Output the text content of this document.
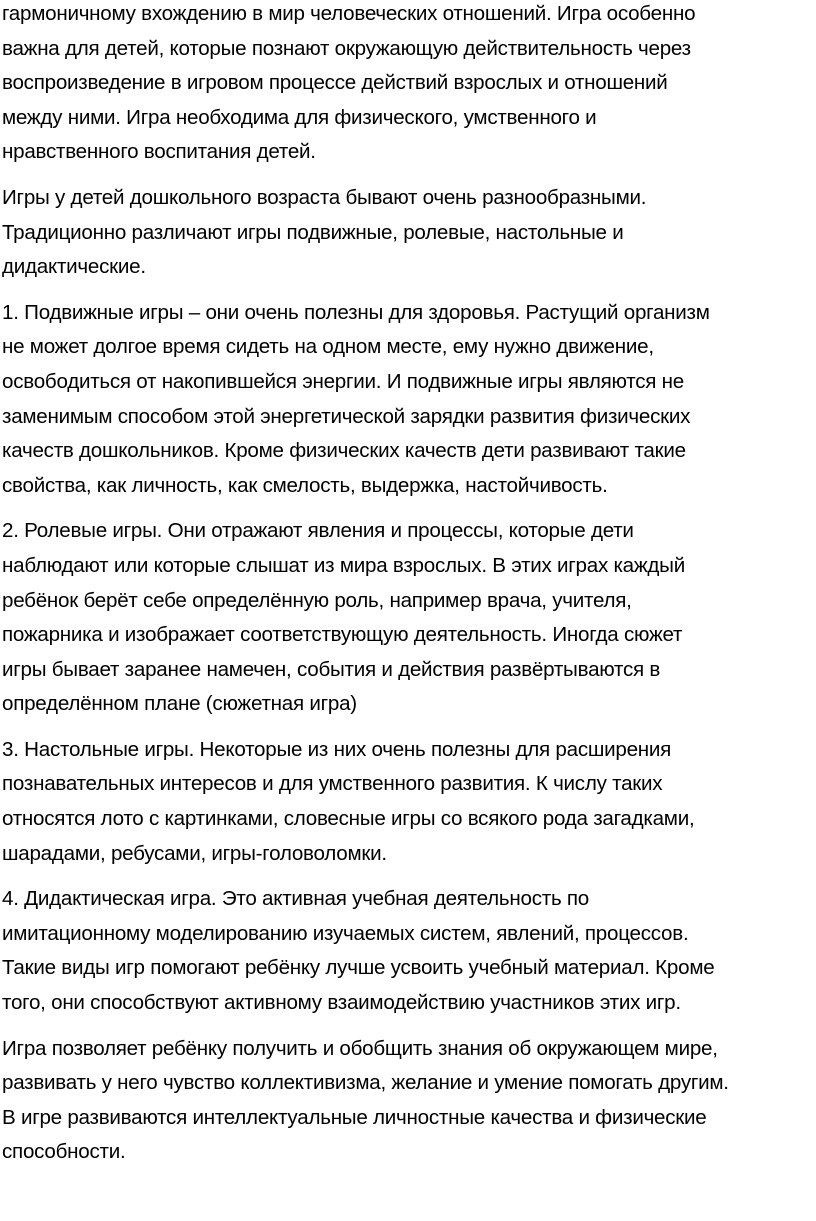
гармоничному вхождению в мир человеческих отношений. Игра особенно
важна для детей, которые познают окружающую действительность через
воспроизведение в игровом процессе действий взрослых и отношений
между ними. Игра необходима для физического, умственного и
нравственного воспитания детей.

Игры у детей дошкольного возраста бывают очень разнообразными.
Традиционно различают игры подвижные, ролевые, настольные и
дидактические.

1. Подвижные игры – они очень полезны для здоровья. Растущий организм
не может долгое время сидеть на одном месте, ему нужно движение,
освободиться от накопившейся энергии. И подвижные игры являются не
заменимым способом этой энергетической зарядки развития физических
качеств дошкольников. Кроме физических качеств дети развивают такие
свойства, как личность, как смелость, выдержка, настойчивость.

2. Ролевые игры. Они отражают явления и процессы, которые дети
наблюдают или которые слышат из мира взрослых. В этих играх каждый
ребёнок берёт себе определённую роль, например врача, учителя,
пожарника и изображает соответствующую деятельность. Иногда сюжет
игры бывает заранее намечен, события и действия развёртываются в
определённом плане (сюжетная игра)

3. Настольные игры. Некоторые из них очень полезны для расширения
познавательных интересов и для умственного развития. К числу таких
относятся лото с картинками, словесные игры со всякого рода загадками,
шарадами, ребусами, игры-головоломки.

4. Дидактическая игра. Это активная учебная деятельность по
имитационному моделированию изучаемых систем, явлений, процессов.
Такие виды игр помогают ребёнку лучше усвоить учебный материал. Кроме
того, они способствуют активному взаимодействию участников этих игр.

Игра позволяет ребёнку получить и обобщить знания об окружающем мире,
развивать у него чувство коллективизма, желание и умение помогать другим.
В игре развиваются интеллектуальные личностные качества и физические
способности.
